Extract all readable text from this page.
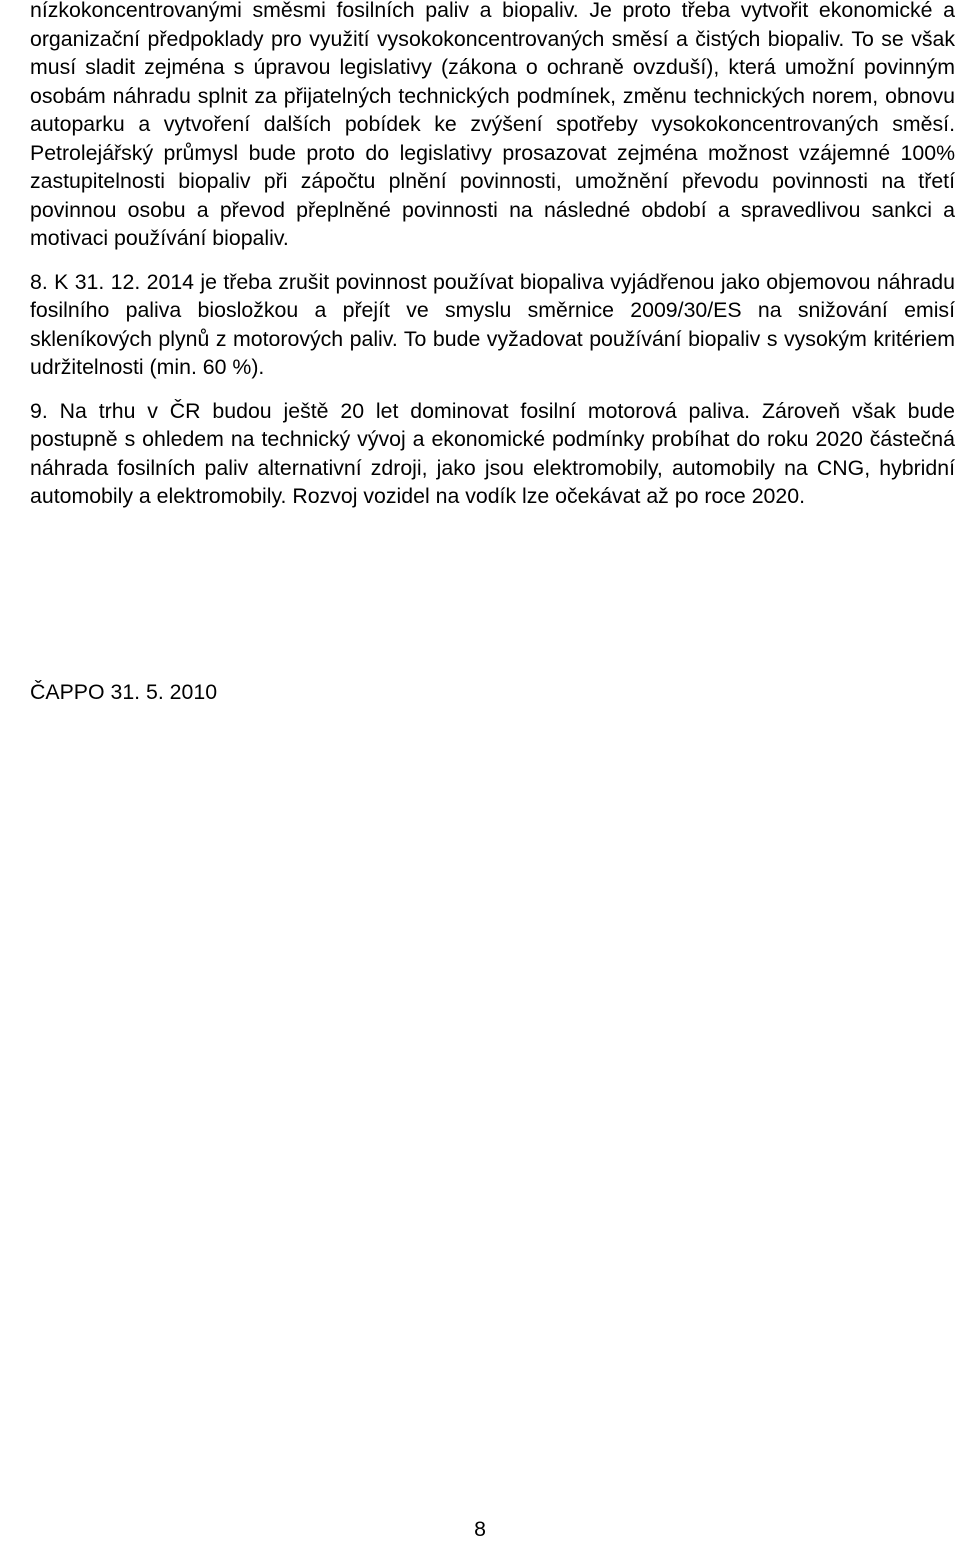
nízkokoncentrovanými směsmi fosilních paliv a biopaliv. Je proto třeba vytvořit ekonomické a organizační předpoklady pro využití vysokokoncentrovaných směsí a čistých biopaliv. To se však musí sladit zejména s úpravou legislativy (zákona o ochraně ovzduší), která umožní povinným osobám náhradu splnit za přijatelných technických podmínek, změnu technických norem, obnovu autoparku a vytvoření dalších pobídek ke zvýšení spotřeby vysokokoncentrovaných směsí. Petrolejářský průmysl bude proto do legislativy prosazovat zejména možnost vzájemné 100% zastupitelnosti biopaliv při zápočtu plnění povinnosti, umožnění převodu povinnosti na třetí povinnou osobu a převod přeplněné povinnosti na následné období a spravedlivou sankci a motivaci používání biopaliv.

8. K 31. 12. 2014 je třeba zrušit povinnost používat biopaliva vyjádřenou jako objemovou náhradu fosilního paliva biosložkou a přejít ve smyslu směrnice 2009/30/ES na snižování emisí skleníkových plynů z motorových paliv. To bude vyžadovat používání biopaliv s vysokým kritériem udržitelnosti (min. 60 %).

9. Na trhu v ČR budou ještě 20 let dominovat fosilní motorová paliva. Zároveň však bude postupně s ohledem na technický vývoj a ekonomické podmínky probíhat do roku 2020 částečná náhrada fosilních paliv alternativní zdroji, jako jsou elektromobily, automobily na CNG, hybridní automobily a elektromobily. Rozvoj vozidel na vodík lze očekávat až po roce 2020.

ČAPPO 31. 5. 2010

8
